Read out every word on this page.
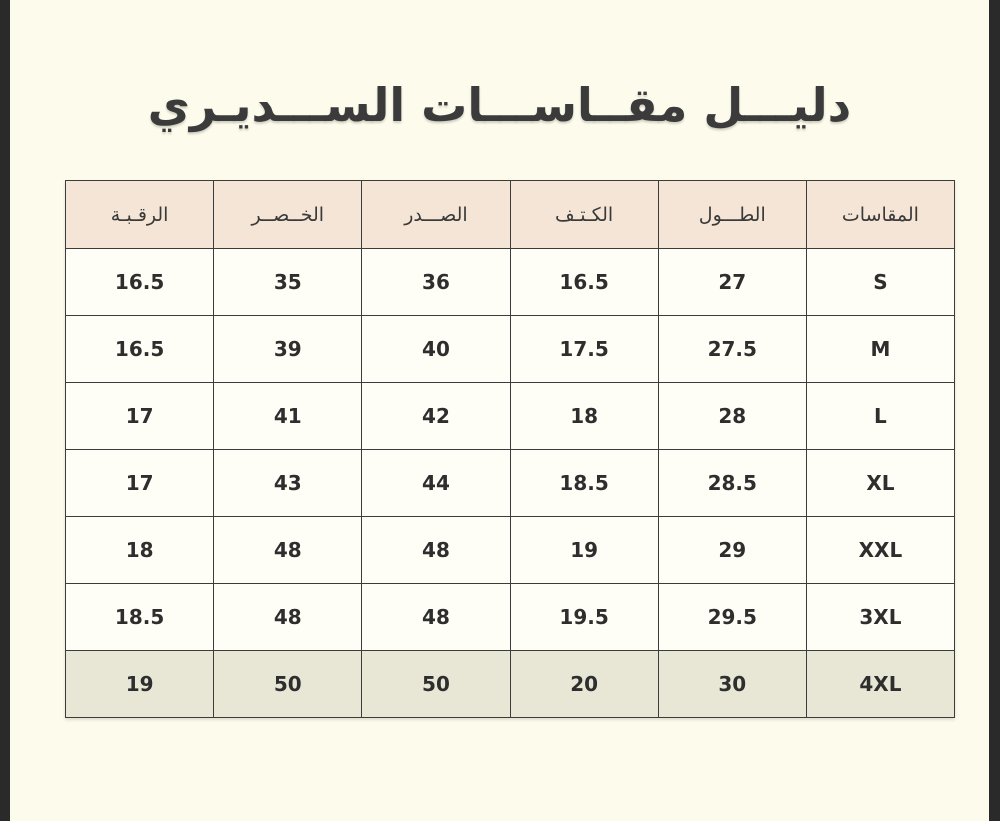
دليـــل مقــاســـات الســـديـري
المقاسات	الطـــول	الكـتـف	الصـــدر	الخــصــر	الرقـبـة
S	27	16.5	36	35	16.5
M	27.5	17.5	40	39	16.5
L	28	18	42	41	17
XL	28.5	18.5	44	43	17
XXL	29	19	48	48	18
3XL	29.5	19.5	48	48	18.5
4XL	30	20	50	50	19
